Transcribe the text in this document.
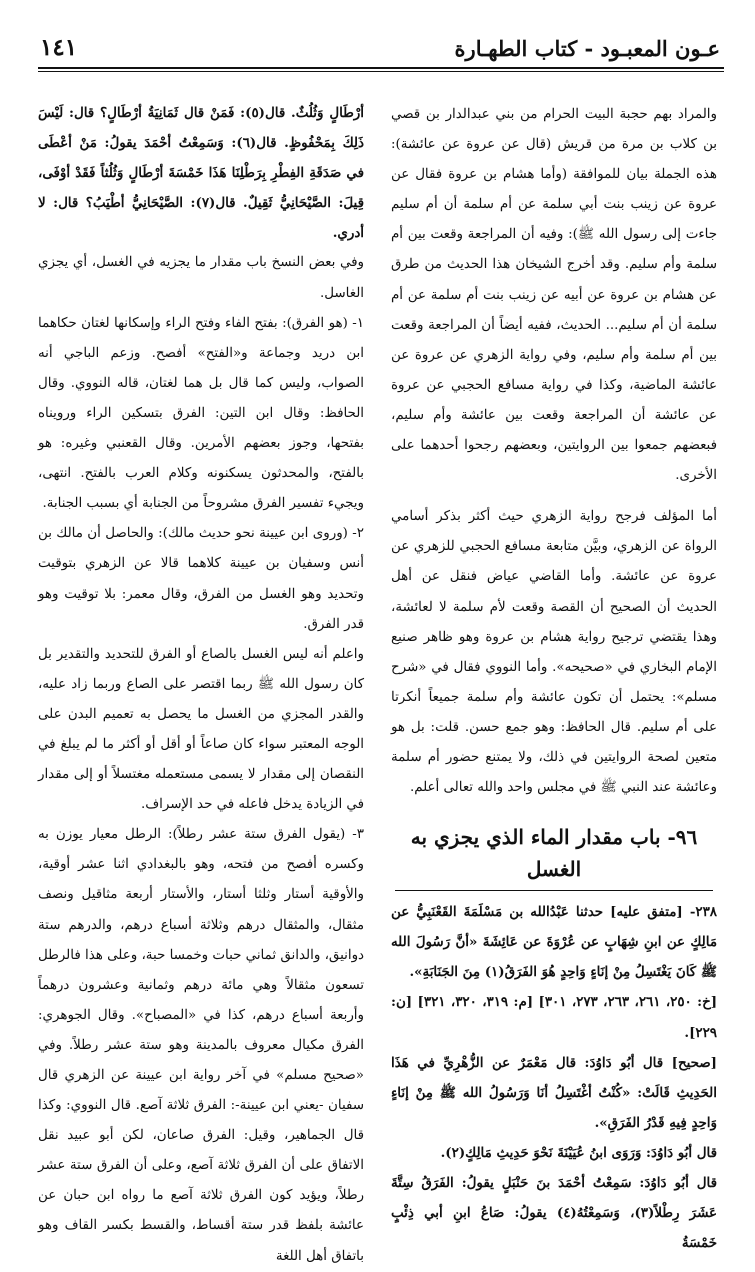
عـون المعبـود - كتاب الطهـارة
١٤١

والمراد بهم حجبة البيت الحرام من بني عبدالدار بن قصي بن كلاب بن مرة من قريش (قال عن عروة عن عائشة): هذه الجملة بيان للموافقة (وأما هشام بن عروة فقال عن عروة عن زينب بنت أبي سلمة عن أم سلمة أن أم سليم جاءت إلى رسول الله ﷺ): وفيه أن المراجعة وقعت بين أم سلمة وأم سليم. وقد أخرج الشيخان هذا الحديث من طرق عن هشام بن عروة عن أبيه عن زينب بنت أم سلمة عن أم سلمة أن أم سليم... الحديث، ففيه أيضاً أن المراجعة وقعت بين أم سلمة وأم سليم، وفي رواية الزهري عن عروة عن عائشة الماضية، وكذا في رواية مسافع الحجبي عن عروة عن عائشة أن المراجعة وقعت بين عائشة وأم سليم، فبعضهم جمعوا بين الروايتين، وبعضهم رجحوا أحدهما على الأخرى.

أما المؤلف فرجح رواية الزهري حيث أكثر بذكر أسامي الرواة عن الزهري، وبيَّن متابعة مسافع الحجبي للزهري عن عروة عن عائشة. وأما القاضي عياض فنقل عن أهل الحديث أن الصحيح أن القصة وقعت لأم سلمة لا لعائشة، وهذا يقتضي ترجيح رواية هشام بن عروة وهو ظاهر صنيع الإمام البخاري في «صحيحه». وأما النووي فقال في «شرح مسلم»: يحتمل أن تكون عائشة وأم سلمة جميعاً أنكرتا على أم سليم. قال الحافظ: وهو جمع حسن. قلت: بل هو متعين لصحة الروايتين في ذلك، ولا يمتنع حضور أم سلمة وعائشة عند النبي ﷺ في مجلس واحد والله تعالى أعلم.

٩٦- باب مقدار الماء الذي يجزي به الغسل

٢٣٨- [متفق عليه] حدثنا عَبْدُالله بن مَسْلَمَةَ القَعْنَبِيُّ عن مَالِكٍ عن ابنِ شِهَابٍ عن عُرْوَةَ عن عَائِشَةَ «أنَّ رَسُولَ الله ﷺ كَانَ يَغْتَسِلُ مِنْ إنَاءٍ وَاحِدٍ هُوَ الفَرَقُ(١) مِنَ الجَنَابَةِ».

[خ: ٢٥٠، ٢٦١، ٢٦٣، ٢٧٣، ٣٠١] [م: ٣١٩، ٣٢٠، ٣٢١] [ن: ٢٢٩].

[صحيح] قال أبُو دَاوُدَ: قال مَعْمَرٌ عن الزُّهْرِيِّ في هَذَا الحَدِيثِ قَالَتْ: «كُنْتُ أغْتَسِلُ أنَا وَرَسُولُ الله ﷺ مِنْ إنَاءٍ وَاحِدٍ فِيهِ قَدْرُ الفَرَقِ».

قال أبُو دَاوُدَ: وَرَوَى ابنُ عُيَيْنَةَ نَحْوَ حَدِيثِ مَالِكٍ(٢).

قال أبُو دَاوُدَ: سَمِعْتُ أحْمَدَ بنَ حَنْبَلٍ يقولُ: الفَرَقُ سِتَّةَ عَشَرَ رِطْلاً(٣)، وَسَمِعْتُهُ(٤) يقولُ: صَاعُ ابنِ أبي ذِئْبٍ خَمْسَةُ

أرْطَالٍ وَثُلُثٌ. قال(٥): فَمَنْ قال ثَمَانِيَةُ أرْطَالٍ؟ قال: لَيْسَ ذَلِكَ بِمَحْفُوظٍ. قال(٦): وَسَمِعْتُ أحْمَدَ يقولُ: مَنْ أعْطَى في صَدَقَةِ الفِطْرِ بِرَطْلِنَا هَذَا خَمْسَةَ أرْطَالٍ وَثُلُثاً فَقَدْ أوْفَى، قِيلَ: الصَّيْحَانِيُّ ثَقِيلٌ. قال(٧): الصَّيْحَانِيُّ أطْيَبُ؟ قال: لا أدري.

وفي بعض النسخ باب مقدار ما يجزيه في الغسل، أي يجزي الغاسل.

١- (هو الفرق): بفتح الفاء وفتح الراء وإسكانها لغتان حكاهما ابن دريد وجماعة و«الفتح» أفصح. وزعم الباجي أنه الصواب، وليس كما قال بل هما لغتان، قاله النووي. وقال الحافظ: وقال ابن التين: الفرق بتسكين الراء ورويناه بفتحها، وجوز بعضهم الأمرين. وقال القعنبي وغيره: هو بالفتح، والمحدثون يسكنونه وكلام العرب بالفتح. انتهى، ويجيء تفسير الفرق مشروحاً من الجنابة أي بسبب الجنابة.

٢- (وروى ابن عيينة نحو حديث مالك): والحاصل أن مالك بن أنس وسفيان بن عيينة كلاهما قالا عن الزهري بتوقيت وتحديد وهو الغسل من الفرق، وقال معمر: بلا توقيت وهو قدر الفرق.

واعلم أنه ليس الغسل بالصاع أو الفرق للتحديد والتقدير بل كان رسول الله ﷺ ربما اقتصر على الصاع وربما زاد عليه، والقدر المجزي من الغسل ما يحصل به تعميم البدن على الوجه المعتبر سواء كان صاعاً أو أقل أو أكثر ما لم يبلغ في النقصان إلى مقدار لا يسمى مستعمله مغتسلاً أو إلى مقدار في الزيادة يدخل فاعله في حد الإسراف.

٣- (يقول الفرق ستة عشر رطلاً): الرطل معيار يوزن به وكسره أفصح من فتحه، وهو بالبغدادي اثنا عشر أوقية، والأوقية أستار وثلثا أستار، والأستار أربعة مثاقيل ونصف مثقال، والمثقال درهم وثلاثة أسباع درهم، والدرهم ستة دوانيق، والدانق ثماني حبات وخمسا حبة، وعلى هذا فالرطل تسعون مثقالاً وهي مائة درهم وثمانية وعشرون درهماً وأربعة أسباع درهم، كذا في «المصباح». وقال الجوهري: الفرق مكيال معروف بالمدينة وهو ستة عشر رطلاً. وفي «صحيح مسلم» في آخر رواية ابن عيينة عن الزهري قال سفيان -يعني ابن عيينة-: الفرق ثلاثة آصع. قال النووي: وكذا قال الجماهير، وقيل: الفرق صاعان، لكن أبو عبيد نقل الاتفاق على أن الفرق ثلاثة آصع، وعلى أن الفرق ستة عشر رطلاً، ويؤيد كون الفرق ثلاثة آصع ما رواه ابن حبان عن عائشة بلفظ قدر ستة أقساط، والقسط بكسر القاف وهو باتفاق أهل اللغة
